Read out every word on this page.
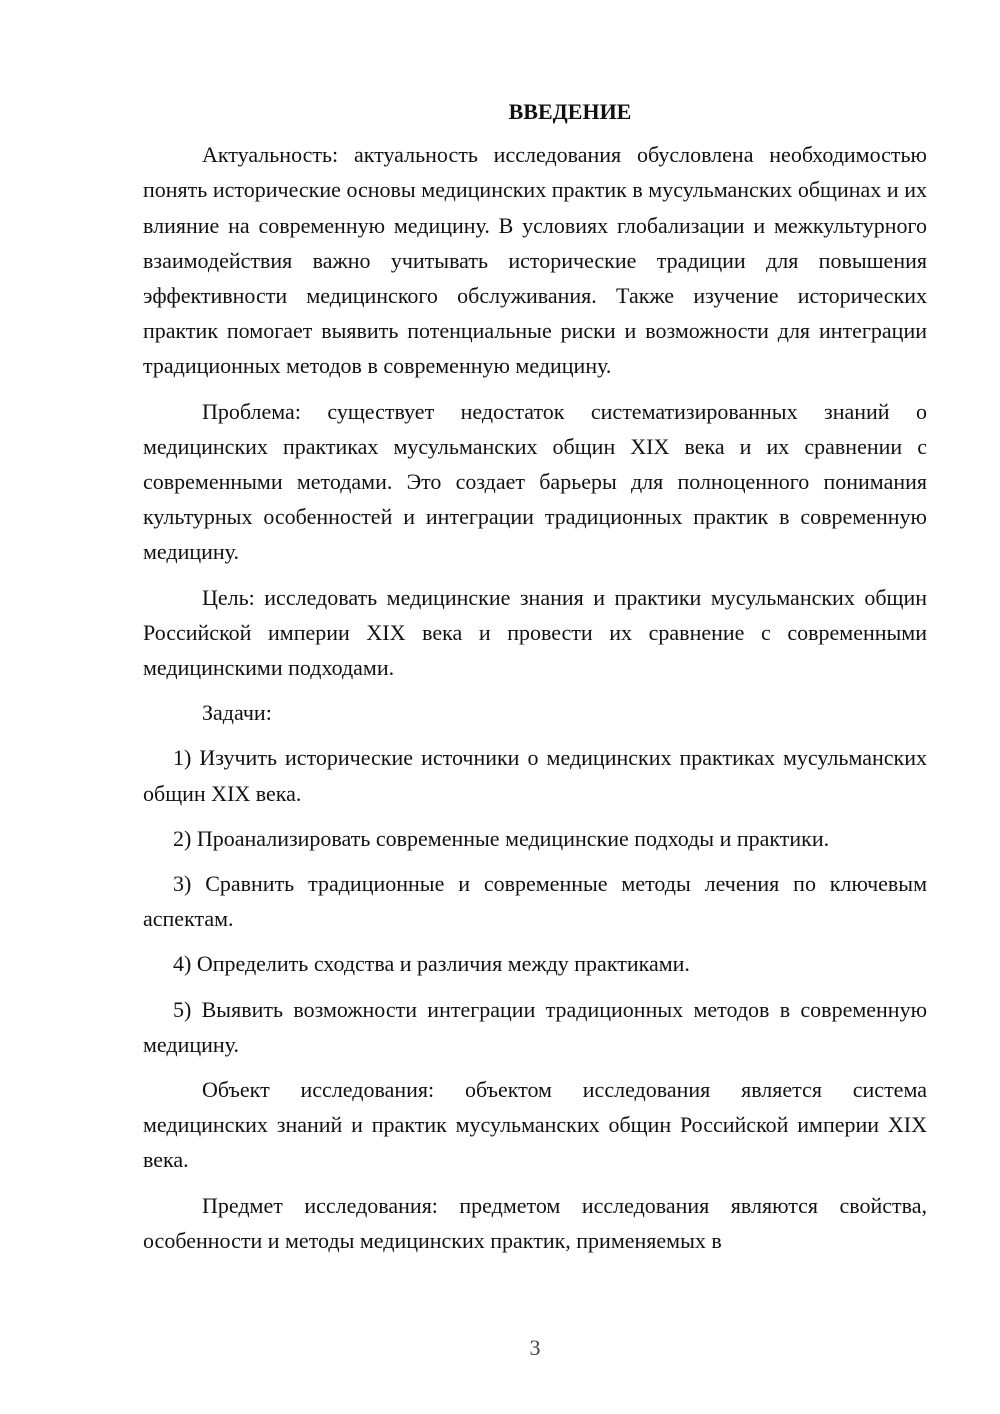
ВВЕДЕНИЕ

Актуальность: актуальность исследования обусловлена необходимостью понять исторические основы медицинских практик в мусульманских общинах и их влияние на современную медицину. В условиях глобализации и межкультурного взаимодействия важно учитывать исторические традиции для повышения эффективности медицинского обслуживания. Также изучение исторических практик помогает выявить потенциальные риски и возможности для интеграции традиционных методов в современную медицину.

Проблема: существует недостаток систематизированных знаний о медицинских практиках мусульманских общин XIX века и их сравнении с современными методами. Это создает барьеры для полноценного понимания культурных особенностей и интеграции традиционных практик в современную медицину.

Цель: исследовать медицинские знания и практики мусульманских общин Российской империи XIX века и провести их сравнение с современными медицинскими подходами.

Задачи:

1) Изучить исторические источники о медицинских практиках мусульманских общин XIX века.

2) Проанализировать современные медицинские подходы и практики.

3) Сравнить традиционные и современные методы лечения по ключевым аспектам.

4) Определить сходства и различия между практиками.

5) Выявить возможности интеграции традиционных методов в современную медицину.

Объект исследования: объектом исследования является система медицинских знаний и практик мусульманских общин Российской империи XIX века.

Предмет исследования: предметом исследования являются свойства, особенности и методы медицинских практик, применяемых в

3
